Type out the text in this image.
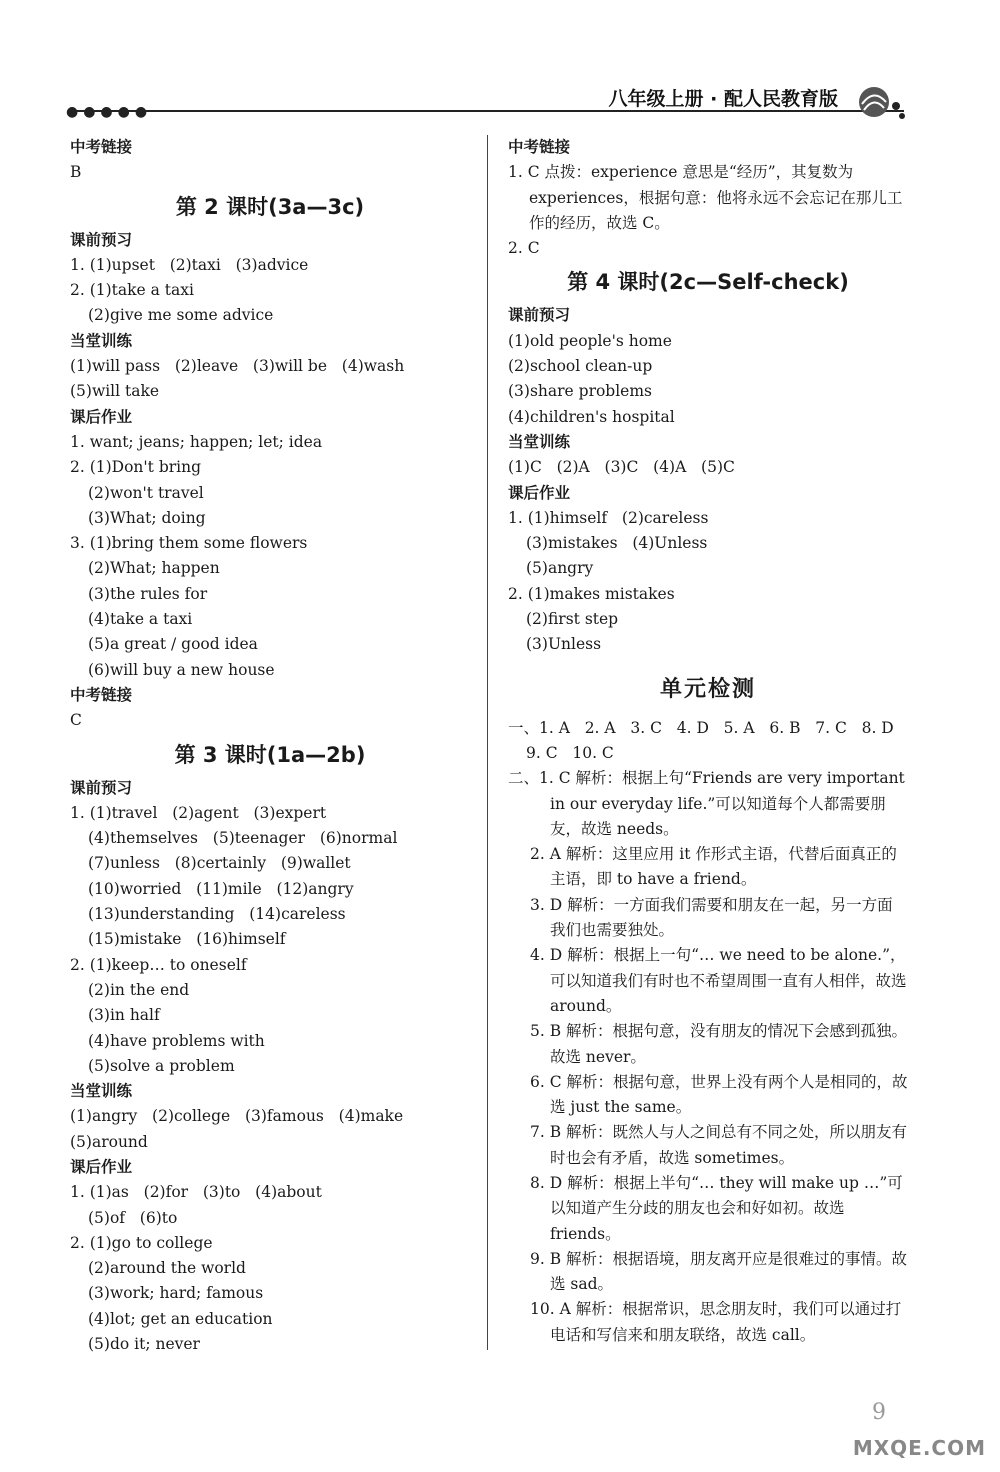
●●●●●
八年级上册 · 配人民教育版
中考链接
B
第 2 课时(3a—3c)
课前预习
1. (1)upset   (2)taxi   (3)advice
2. (1)take a taxi
(2)give me some advice
当堂训练
(1)will pass   (2)leave   (3)will be   (4)wash
(5)will take
课后作业
1. want; jeans; happen; let; idea
2. (1)Don't bring
(2)won't travel
(3)What; doing
3. (1)bring them some flowers
(2)What; happen
(3)the rules for
(4)take a taxi
(5)a great / good idea
(6)will buy a new house
中考链接
C
第 3 课时(1a—2b)
课前预习
1. (1)travel   (2)agent   (3)expert
(4)themselves   (5)teenager   (6)normal
(7)unless   (8)certainly   (9)wallet
(10)worried   (11)mile   (12)angry
(13)understanding   (14)careless
(15)mistake   (16)himself
2. (1)keep… to oneself
(2)in the end
(3)in half
(4)have problems with
(5)solve a problem
当堂训练
(1)angry   (2)college   (3)famous   (4)make
(5)around
课后作业
1. (1)as   (2)for   (3)to   (4)about
(5)of   (6)to
2. (1)go to college
(2)around the world
(3)work; hard; famous
(4)lot; get an education
(5)do it; never
中考链接
1. C 点拨：experience 意思是“经历”，其复数为 experiences，根据句意：他将永远不会忘记在那儿工作的经历，故选 C。
2. C
第 4 课时(2c—Self-check)
课前预习
(1)old people's home
(2)school clean-up
(3)share problems
(4)children's hospital
当堂训练
(1)C   (2)A   (3)C   (4)A   (5)C
课后作业
1. (1)himself   (2)careless
(3)mistakes   (4)Unless
(5)angry
2. (1)makes mistakes
(2)first step
(3)Unless
单元检测
一、1. A   2. A   3. C   4. D   5. A   6. B   7. C   8. D
9. C   10. C
二、1. C 解析：根据上句“Friends are very important in our everyday life.”可以知道每个人都需要朋友，故选 needs。
2. A 解析：这里应用 it 作形式主语，代替后面真正的主语，即 to have a friend。
3. D 解析：一方面我们需要和朋友在一起，另一方面我们也需要独处。
4. D 解析：根据上一句“… we need to be alone.”，可以知道我们有时也不希望周围一直有人相伴，故选around。
5. B 解析：根据句意，没有朋友的情况下会感到孤独。故选 never。
6. C 解析：根据句意，世界上没有两个人是相同的，故选 just the same。
7. B 解析：既然人与人之间总有不同之处，所以朋友有时也会有矛盾，故选 sometimes。
8. D 解析：根据上半句“… they will make up …”可以知道产生分歧的朋友也会和好如初。故选 friends。
9. B 解析：根据语境，朋友离开应是很难过的事情。故选 sad。
10. A 解析：根据常识，思念朋友时，我们可以通过打电话和写信来和朋友联络，故选 call。
9
MXQE.COM
